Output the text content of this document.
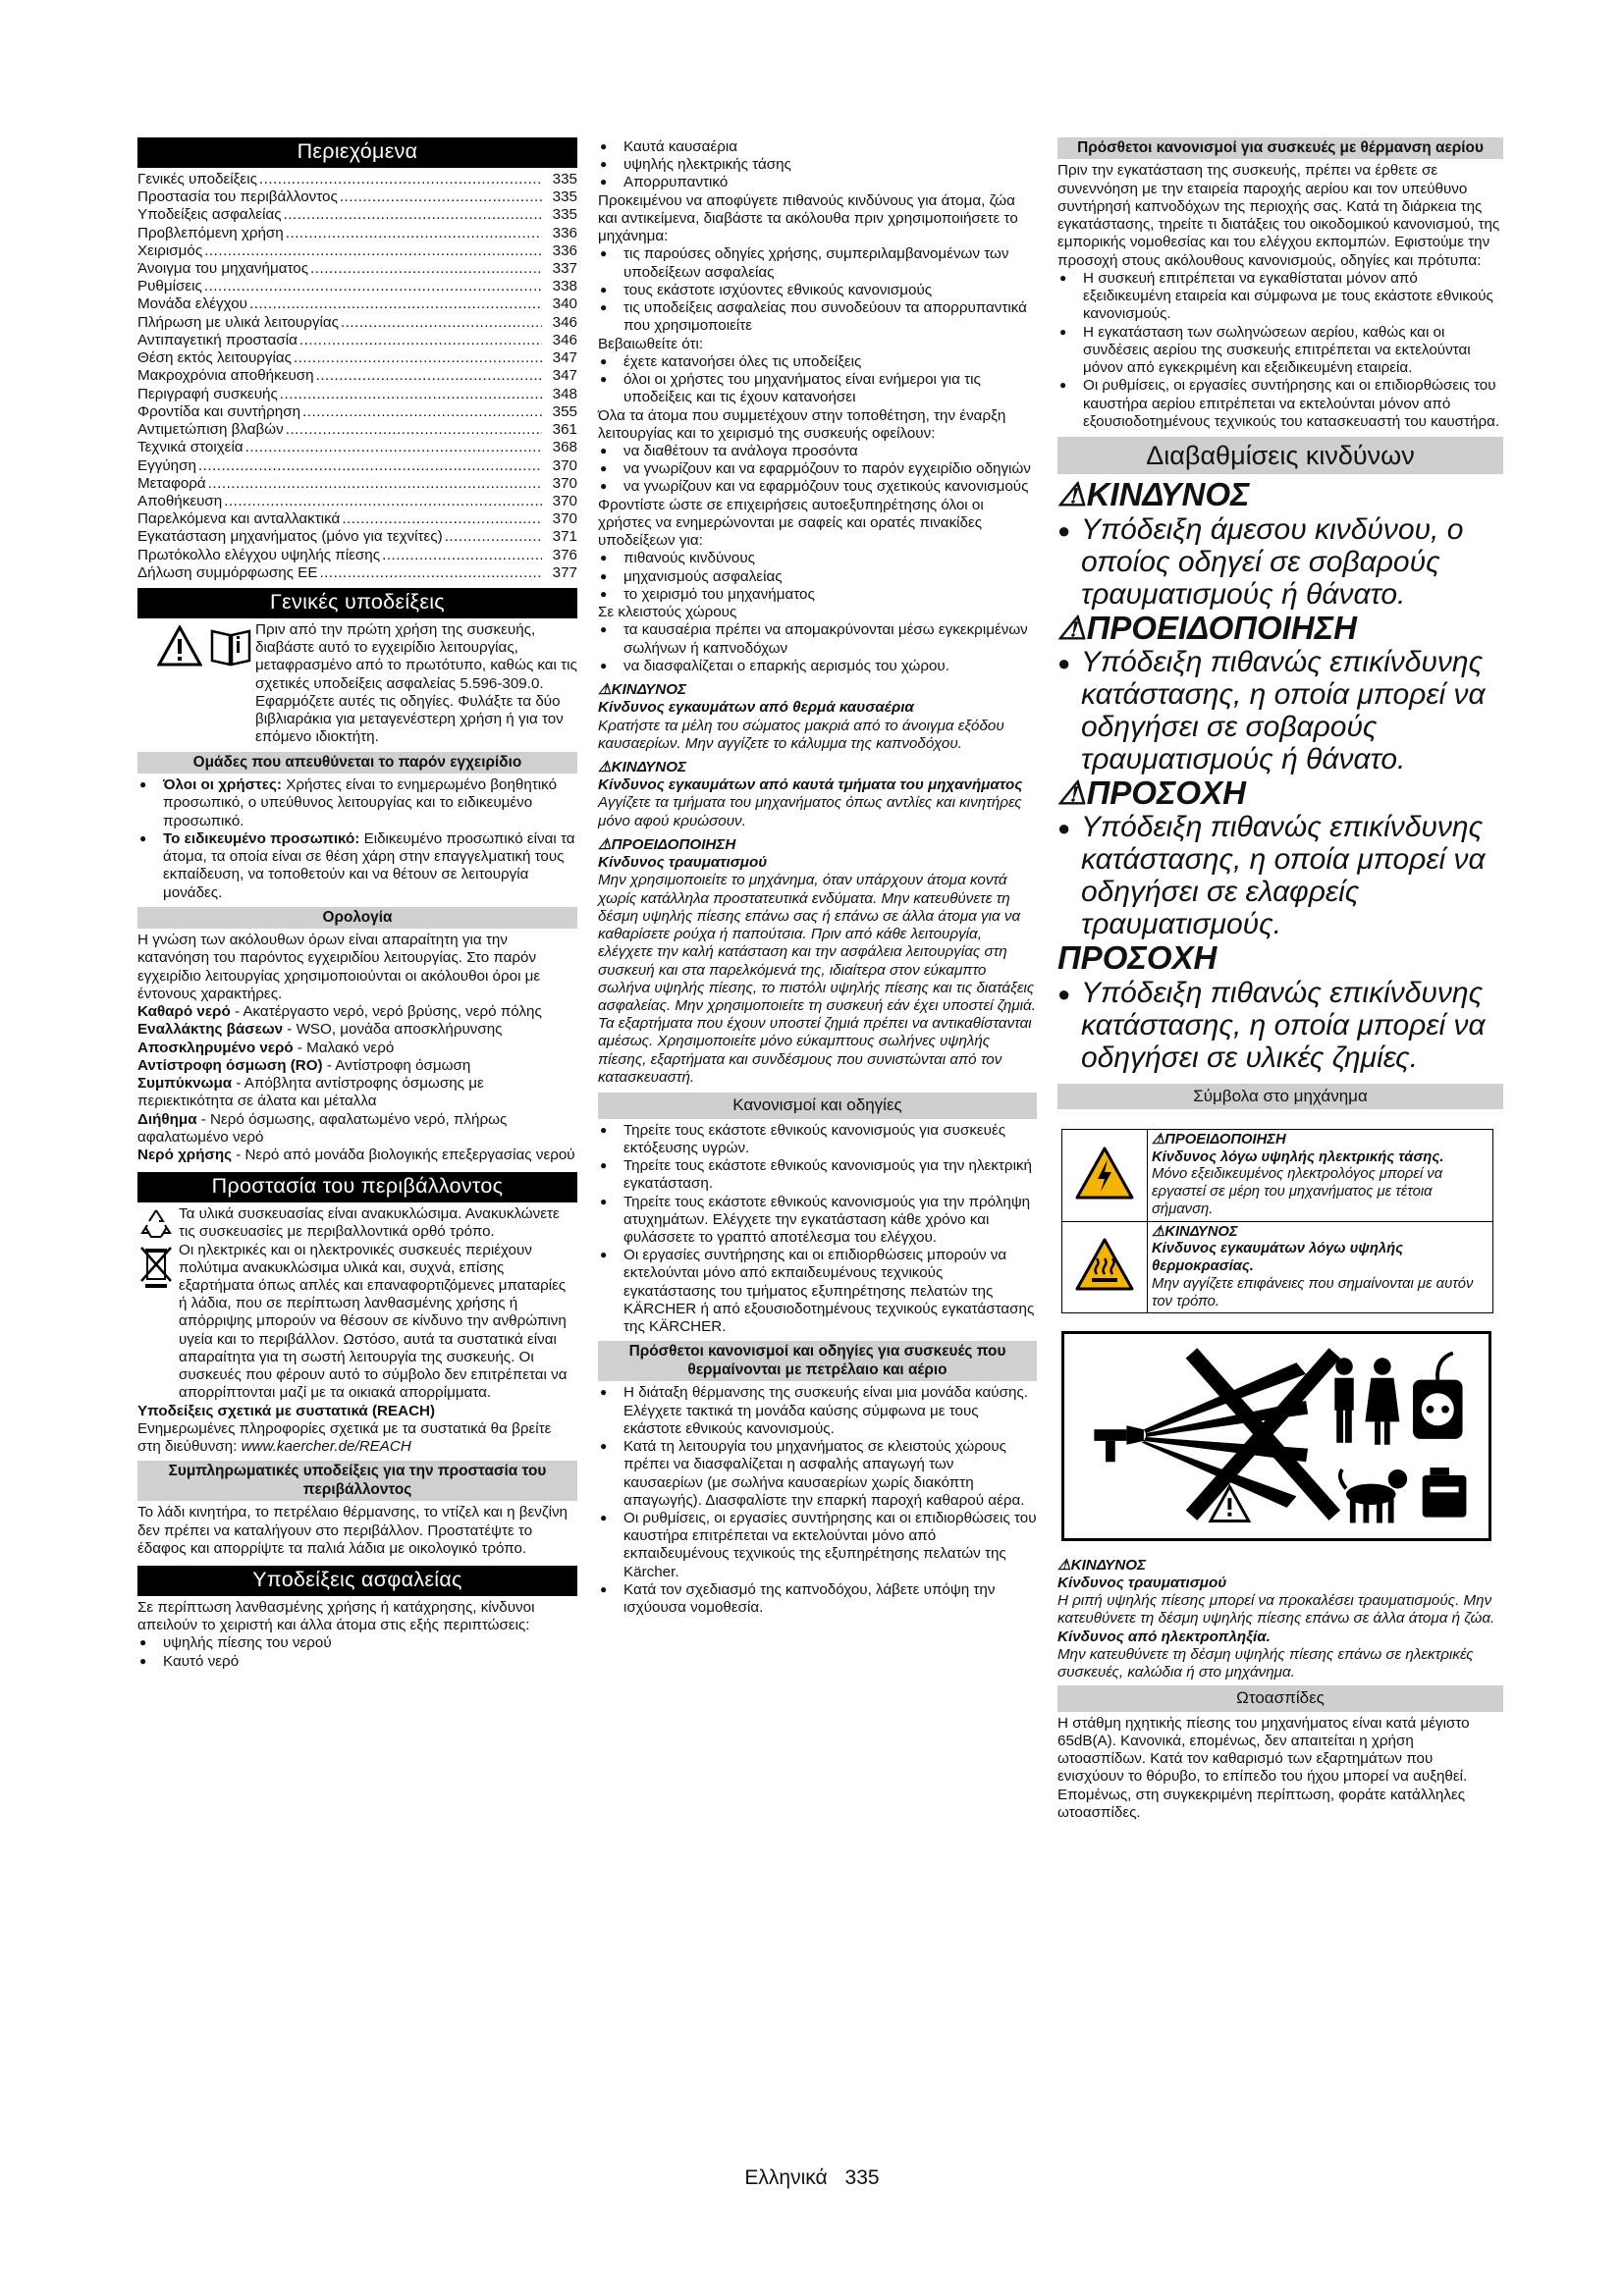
Περιεχόμενα
Γενικές υποδείξεις .....	335
Προστασία του περιβάλλοντος .....	335
Υποδείξεις ασφαλείας .....	335
Προβλεπόμενη χρήση .....	336
Χειρισμός .....	336
Άνοιγμα του μηχανήματος .....	337
Ρυθμίσεις .....	338
Μονάδα ελέγχου .....	340
Πλήρωση με υλικά λειτουργίας .....	346
Αντιπαγετική προστασία .....	346
Θέση εκτός λειτουργίας .....	347
Μακροχρόνια αποθήκευση .....	347
Περιγραφή συσκευής .....	348
Φροντίδα και συντήρηση .....	355
Αντιμετώπιση βλαβών .....	361
Τεχνικά στοιχεία .....	368
Εγγύηση .....	370
Μεταφορά .....	370
Αποθήκευση .....	370
Παρελκόμενα και ανταλλακτικά .....	370
Εγκατάσταση μηχανήματος (μόνο για τεχνίτες) .....	371
Πρωτόκολλο ελέγχου υψηλής πίεσης .....	376
Δήλωση συμμόρφωσης ΕΕ .....	377
Γενικές υποδείξεις

Πριν από την πρώτη χρήση της συσκευής, διαβάστε αυτό το εγχειρίδιο λειτουργίας, μεταφρασμένο από το πρωτότυπο, καθώς και τις σχετικές υποδείξεις ασφαλείας 5.596-309.0. Εφαρμόζετε αυτές τις οδηγίες. Φυλάξτε τα δύο βιβλιαράκια για μεταγενέστερη χρήση ή για τον επόμενο ιδιοκτήτη.

Ομάδες που απευθύνεται το παρόν εγχειρίδιο
● Όλοι οι χρήστες: Χρήστες είναι το ενημερωμένο βοηθητικό προσωπικό, ο υπεύθυνος λειτουργίας και το ειδικευμένο προσωπικό.
● Το ειδικευμένο προσωπικό: Ειδικευμένο προσωπικό είναι τα άτομα, τα οποία είναι σε θέση χάρη στην επαγγελματική τους εκπαίδευση, να τοποθετούν και να θέτουν σε λειτουργία μονάδες.
Ορολογία

Η γνώση των ακόλουθων όρων είναι απαραίτητη για την κατανόηση του παρόντος εγχειριδίου λειτουργίας. Στο παρόν εγχειρίδιο λειτουργίας χρησιμοποιούνται οι ακόλουθοι όροι με έντονους χαρακτήρες.

Καθαρό νερό - Ακατέργαστο νερό, νερό βρύσης, νερό πόλης

Εναλλάκτης βάσεων - WSO, μονάδα αποσκλήρυνσης

Αποσκληρυμένο νερό - Μαλακό νερό

Αντίστροφη όσμωση (RO) - Αντίστροφη όσμωση

Συμπύκνωμα - Απόβλητα αντίστροφης όσμωσης με περιεκτικότητα σε άλατα και μέταλλα

Διήθημα - Νερό όσμωσης, αφαλατωμένο νερό, πλήρως αφαλατωμένο νερό

Νερό χρήσης - Νερό από μονάδα βιολογικής επεξεργασίας νερού

Προστασία του περιβάλλοντος

Τα υλικά συσκευασίας είναι ανακυκλώσιμα. Ανακυκλώνετε τις συσκευασίες με περιβαλλοντικά ορθό τρόπο.

Οι ηλεκτρικές και οι ηλεκτρονικές συσκευές περιέχουν πολύτιμα ανακυκλώσιμα υλικά και, συχνά, επίσης εξαρτήματα όπως απλές και επαναφορτιζόμενες μπαταρίες ή λάδια, που σε περίπτωση λανθασμένης χρήσης ή απόρριψης μπορούν να θέσουν σε κίνδυνο την ανθρώπινη υγεία και το περιβάλλον. Ωστόσο, αυτά τα συστατικά είναι απαραίτητα για τη σωστή λειτουργία της συσκευής. Οι συσκευές που φέρουν αυτό το σύμβολο δεν επιτρέπεται να απορρίπτονται μαζί με τα οικιακά απορρίμματα.

Υποδείξεις σχετικά με συστατικά (REACH)

Ενημερωμένες πληροφορίες σχετικά με τα συστατικά θα βρείτε στη διεύθυνση: www.kaercher.de/REACH

Συμπληρωματικές υποδείξεις για την προστασία του περιβάλλοντος

Το λάδι κινητήρα, το πετρέλαιο θέρμανσης, το ντίζελ και η βενζίνη δεν πρέπει να καταλήγουν στο περιβάλλον. Προστατέψτε το έδαφος και απορρίψτε τα παλιά λάδια με οικολογικό τρόπο.

Υποδείξεις ασφαλείας

Σε περίπτωση λανθασμένης χρήσης ή κατάχρησης, κίνδυνοι απειλούν το χειριστή και άλλα άτομα στις εξής περιπτώσεις:

● υψηλής πίεσης του νερού
● Καυτό νερό
● Καυτά καυσαέρια
● υψηλής ηλεκτρικής τάσης
● Απορρυπαντικό

Προκειμένου να αποφύγετε πιθανούς κινδύνους για άτομα, ζώα και αντικείμενα, διαβάστε τα ακόλουθα πριν χρησιμοποιήσετε το μηχάνημα:

● τις παρούσες οδηγίες χρήσης, συμπεριλαμβανομένων των υποδείξεων ασφαλείας
● τους εκάστοτε ισχύοντες εθνικούς κανονισμούς
● τις υποδείξεις ασφαλείας που συνοδεύουν τα απορρυπαντικά που χρησιμοποιείτε

Βεβαιωθείτε ότι:

● έχετε κατανοήσει όλες τις υποδείξεις
● όλοι οι χρήστες του μηχανήματος είναι ενήμεροι για τις υποδείξεις και τις έχουν κατανοήσει

Όλα τα άτομα που συμμετέχουν στην τοποθέτηση, την έναρξη λειτουργίας και το χειρισμό της συσκευής οφείλουν:

● να διαθέτουν τα ανάλογα προσόντα
● να γνωρίζουν και να εφαρμόζουν το παρόν εγχειρίδιο οδηγιών
● να γνωρίζουν και να εφαρμόζουν τους σχετικούς κανονισμούς

Φροντίστε ώστε σε επιχειρήσεις αυτοεξυπηρέτησης όλοι οι χρήστες να ενημερώνονται με σαφείς και ορατές πινακίδες υποδείξεων για:

● πιθανούς κινδύνους
● μηχανισμούς ασφαλείας
● το χειρισμό του μηχανήματος

Σε κλειστούς χώρους

● τα καυσαέρια πρέπει να απομακρύνονται μέσω εγκεκριμένων σωλήνων ή καπνοδόχων
● να διασφαλίζεται ο επαρκής αερισμός του χώρου.
⚠ΚΙΝΔΥΝΟΣ
Κίνδυνος εγκαυμάτων από θερμά καυσαέρια
Κρατήστε τα μέλη του σώματος μακριά από το άνοιγμα εξόδου καυσαερίων. Μην αγγίζετε το κάλυμμα της καπνοδόχου.
⚠ΚΙΝΔΥΝΟΣ
Κίνδυνος εγκαυμάτων από καυτά τμήματα του μηχανήματος
Αγγίζετε τα τμήματα του μηχανήματος όπως αντλίες και κινητήρες μόνο αφού κρυώσουν.
⚠ΠΡΟΕΙΔΟΠΟΙΗΣΗ
Κίνδυνος τραυματισμού
Μην χρησιμοποιείτε το μηχάνημα, όταν υπάρχουν άτομα κοντά χωρίς κατάλληλα προστατευτικά ενδύματα. Μην κατευθύνετε τη δέσμη υψηλής πίεσης επάνω σας ή επάνω σε άλλα άτομα για να καθαρίσετε ρούχα ή παπούτσια. Πριν από κάθε λειτουργία, ελέγχετε την καλή κατάσταση και την ασφάλεια λειτουργίας στη συσκευή και στα παρελκόμενά της, ιδιαίτερα στον εύκαμπτο σωλήνα υψηλής πίεσης, το πιστόλι υψηλής πίεσης και τις διατάξεις ασφαλείας. Μην χρησιμοποιείτε τη συσκευή εάν έχει υποστεί ζημιά. Τα εξαρτήματα που έχουν υποστεί ζημιά πρέπει να αντικαθίστανται αμέσως. Χρησιμοποιείτε μόνο εύκαμπτους σωλήνες υψηλής πίεσης, εξαρτήματα και συνδέσμους που συνιστώνται από τον κατασκευαστή.
Κανονισμοί και οδηγίες
● Τηρείτε τους εκάστοτε εθνικούς κανονισμούς για συσκευές εκτόξευσης υγρών.
● Τηρείτε τους εκάστοτε εθνικούς κανονισμούς για την ηλεκτρική εγκατάσταση.
● Τηρείτε τους εκάστοτε εθνικούς κανονισμούς για την πρόληψη ατυχημάτων. Ελέγχετε την εγκατάσταση κάθε χρόνο και φυλάσσετε το γραπτό αποτέλεσμα του ελέγχου.
● Οι εργασίες συντήρησης και οι επιδιορθώσεις μπορούν να εκτελούνται μόνο από εκπαιδευμένους τεχνικούς εγκατάστασης του τμήματος εξυπηρέτησης πελατών της KÄRCHER ή από εξουσιοδοτημένους τεχνικούς εγκατάστασης της KÄRCHER.
Πρόσθετοι κανονισμοί και οδηγίες για συσκευές που θερμαίνονται με πετρέλαιο και αέριο
● Η διάταξη θέρμανσης της συσκευής είναι μια μονάδα καύσης. Ελέγχετε τακτικά τη μονάδα καύσης σύμφωνα με τους εκάστοτε εθνικούς κανονισμούς.
● Κατά τη λειτουργία του μηχανήματος σε κλειστούς χώρους πρέπει να διασφαλίζεται η ασφαλής απαγωγή των καυσαερίων (με σωλήνα καυσαερίων χωρίς διακόπτη απαγωγής). Διασφαλίστε την επαρκή παροχή καθαρού αέρα.
● Οι ρυθμίσεις, οι εργασίες συντήρησης και οι επιδιορθώσεις του καυστήρα επιτρέπεται να εκτελούνται μόνο από εκπαιδευμένους τεχνικούς της εξυπηρέτησης πελατών της Kärcher.
● Κατά τον σχεδιασμό της καπνοδόχου, λάβετε υπόψη την ισχύουσα νομοθεσία.
Πρόσθετοι κανονισμοί για συσκευές με θέρμανση αερίου

Πριν την εγκατάσταση της συσκευής, πρέπει να έρθετε σε συνεννόηση με την εταιρεία παροχής αερίου και τον υπεύθυνο συντήρησή καπνοδόχων της περιοχής σας. Κατά τη διάρκεια της εγκατάστασης, τηρείτε τι διατάξεις του οικοδομικού κανονισμού, της εμπορικής νομοθεσίας και του ελέγχου εκπομπών. Εφιστούμε την προσοχή στους ακόλουθους κανονισμούς, οδηγίες και πρότυπα:

● Η συσκευή επιτρέπεται να εγκαθίσταται μόνον από εξειδικευμένη εταιρεία και σύμφωνα με τους εκάστοτε εθνικούς κανονισμούς.
● Η εγκατάσταση των σωληνώσεων αερίου, καθώς και οι συνδέσεις αερίου της συσκευής επιτρέπεται να εκτελούνται μόνον από εγκεκριμένη και εξειδικευμένη εταιρεία.
● Οι ρυθμίσεις, οι εργασίες συντήρησης και οι επιδιορθώσεις του καυστήρα αερίου επιτρέπεται να εκτελούνται μόνον από εξουσιοδοτημένους τεχνικούς του κατασκευαστή του καυστήρα.
Διαβαθμίσεις κινδύνων
⚠ΚΙΝΔΥΝΟΣ
● Υπόδειξη άμεσου κινδύνου, ο οποίος οδηγεί σε σοβαρούς τραυματισμούς ή θάνατο.
⚠ΠΡΟΕΙΔΟΠΟΙΗΣΗ
● Υπόδειξη πιθανώς επικίνδυνης κατάστασης, η οποία μπορεί να οδηγήσει σε σοβαρούς τραυματισμούς ή θάνατο.
⚠ΠΡΟΣΟΧΗ
● Υπόδειξη πιθανώς επικίνδυνης κατάστασης, η οποία μπορεί να οδηγήσει σε ελαφρείς τραυματισμούς.
ΠΡΟΣΟΧΗ
● Υπόδειξη πιθανώς επικίνδυνης κατάστασης, η οποία μπορεί να οδηγήσει σε υλικές ζημίες.
Σύμβολα στο μηχάνημα

⚠ΠΡΟΕΙΔΟΠΟΙΗΣΗ
Κίνδυνος λόγω υψηλής ηλεκτρικής τάσης.
Μόνο εξειδικευμένος ηλεκτρολόγος μπορεί να εργαστεί σε μέρη του μηχανήματος με τέτοια σήμανση.

⚠ΚΙΝΔΥΝΟΣ
Κίνδυνος εγκαυμάτων λόγω υψηλής θερμοκρασίας.
Μην αγγίζετε επιφάνειες που σημαίνονται με αυτόν τον τρόπο.
⚠ΚΙΝΔΥΝΟΣ
Κίνδυνος τραυματισμού
Η ριπή υψηλής πίεσης μπορεί να προκαλέσει τραυματισμούς. Μην κατευθύνετε τη δέσμη υψηλής πίεσης επάνω σε άλλα άτομα ή ζώα.
Κίνδυνος από ηλεκτροπληξία.
Μην κατευθύνετε τη δέσμη υψηλής πίεσης επάνω σε ηλεκτρικές συσκευές, καλώδια ή στο μηχάνημα.
Ωτοασπίδες

Η στάθμη ηχητικής πίεσης του μηχανήματος είναι κατά μέγιστο 65dB(A). Κανονικά, επομένως, δεν απαιτείται η χρήση ωτοασπίδων. Κατά τον καθαρισμό των εξαρτημάτων που ενισχύουν το θόρυβο, το επίπεδο του ήχου μπορεί να αυξηθεί. Επομένως, στη συγκεκριμένη περίπτωση, φοράτε κατάλληλες ωτοασπίδες.

Ελληνικά 335
